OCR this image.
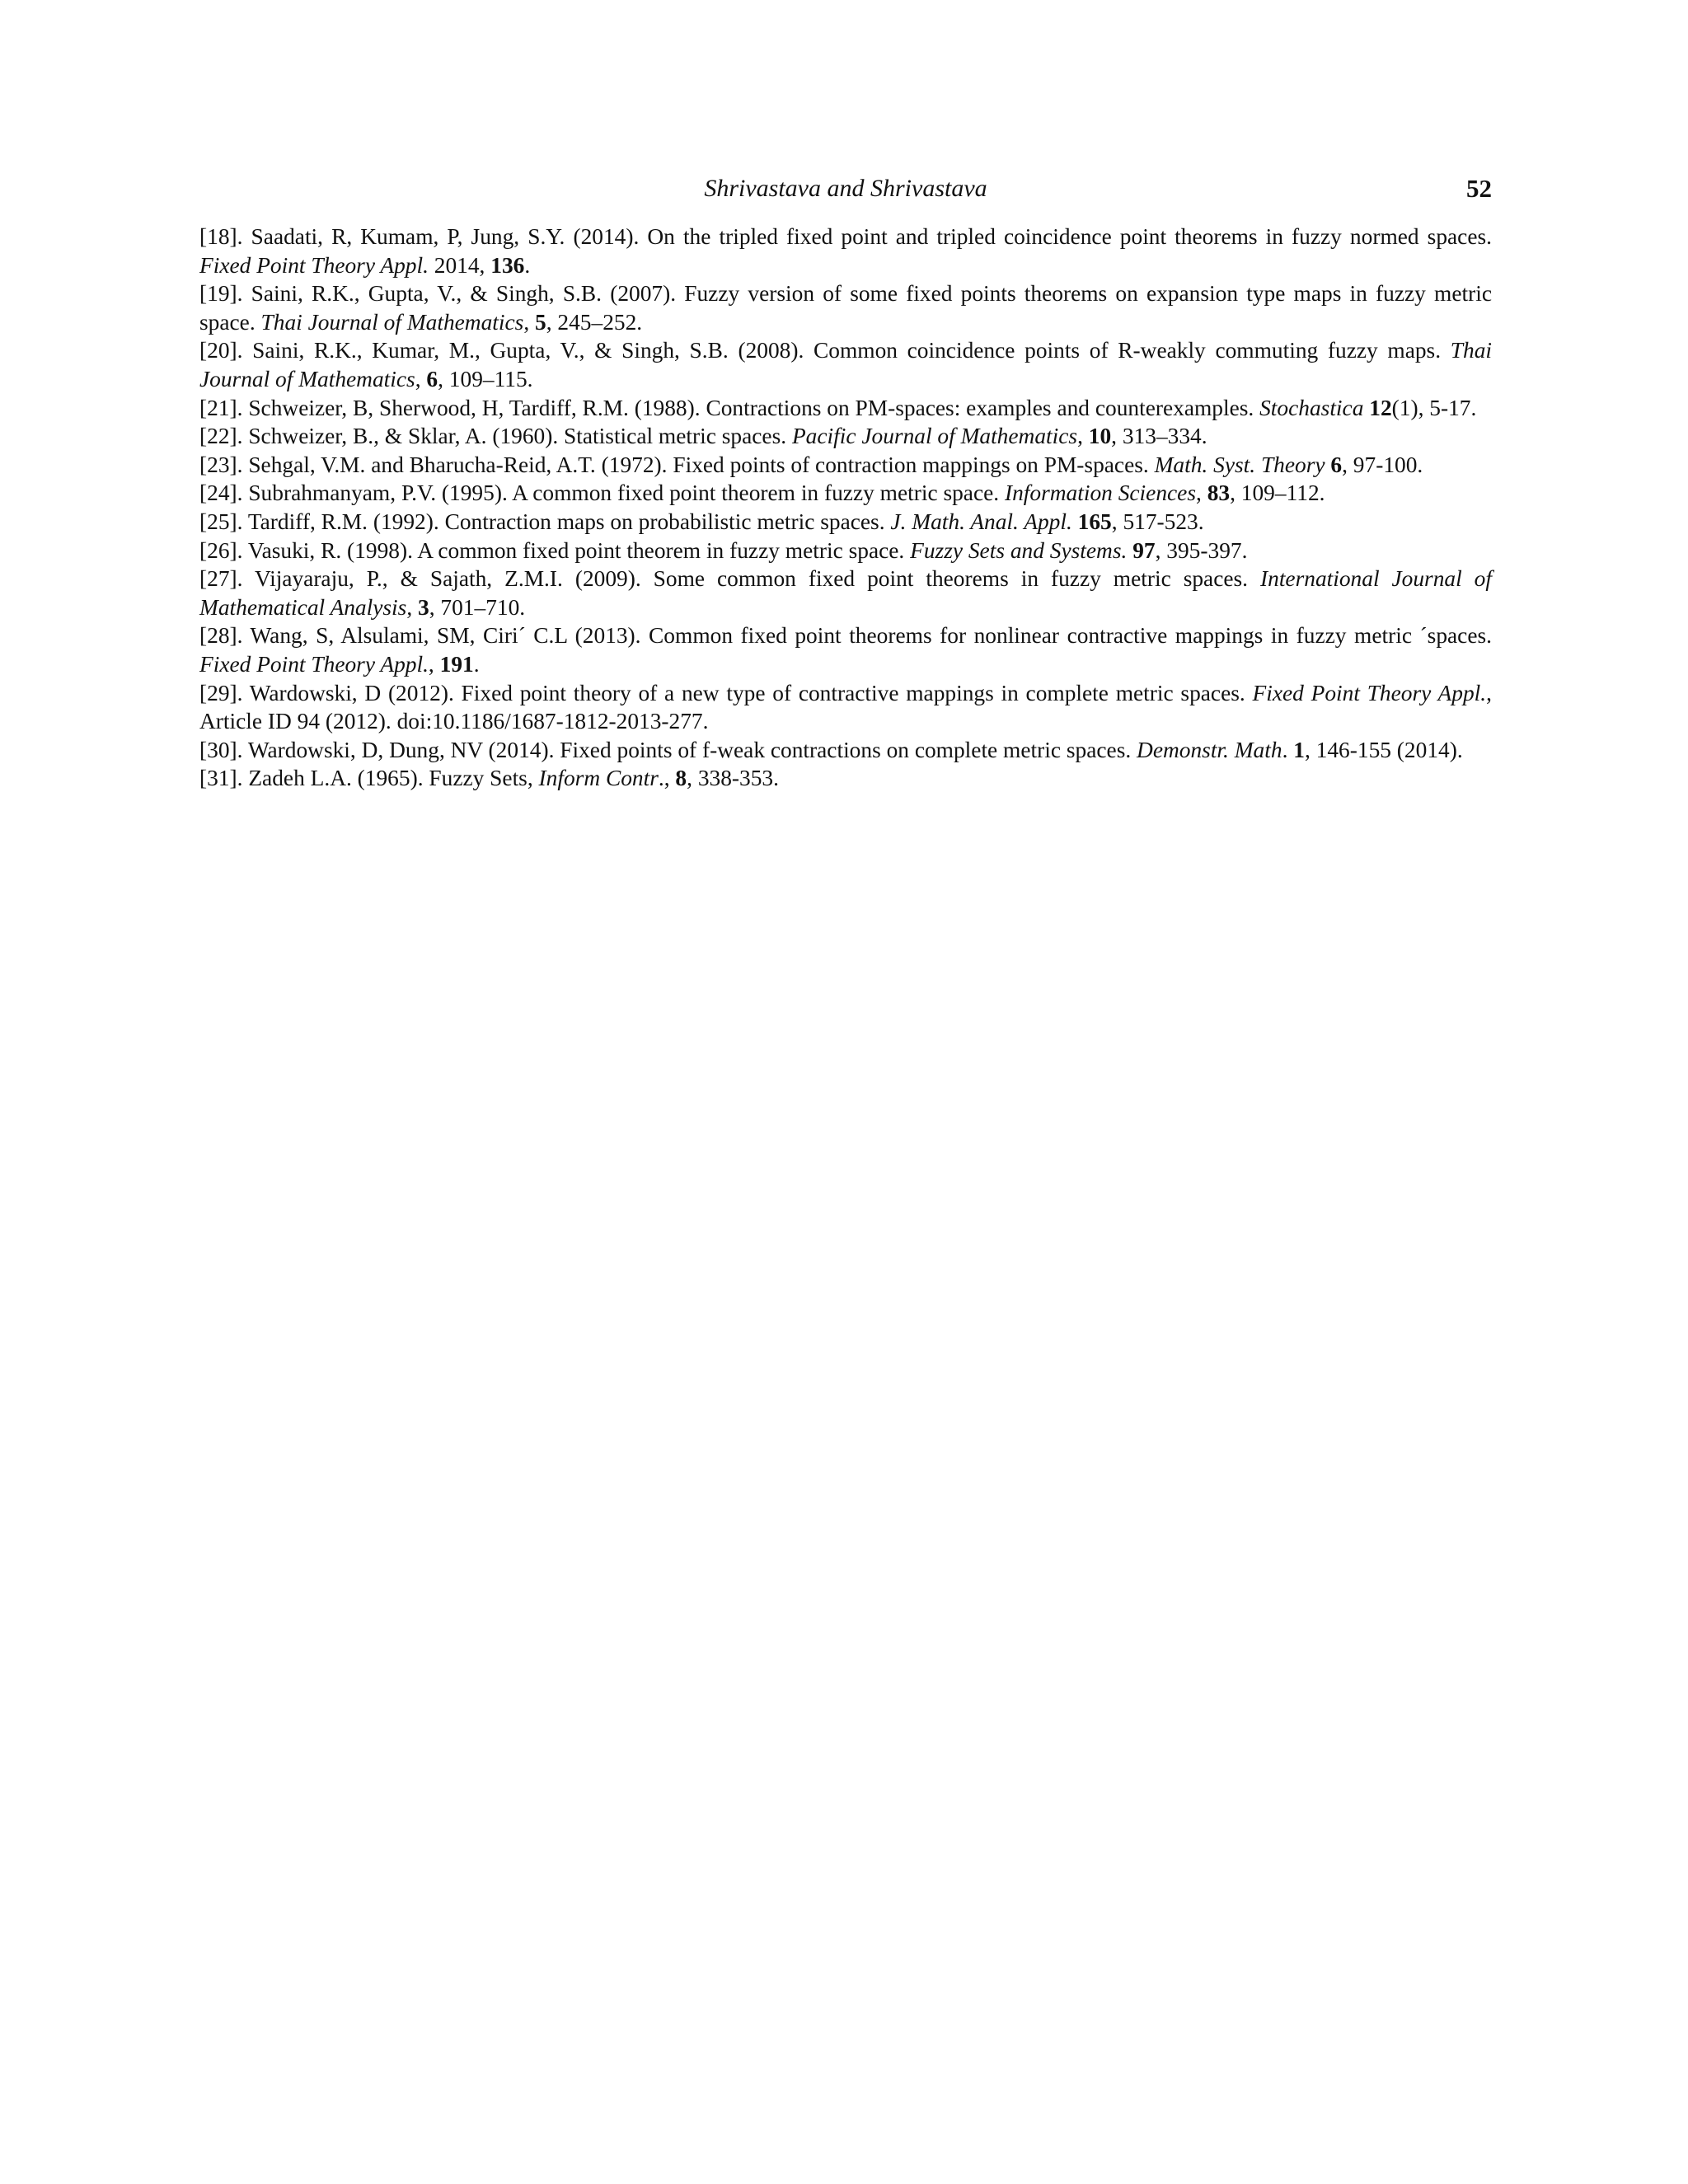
Shrivastava and Shrivastava	52

[18]. Saadati, R, Kumam, P, Jung, S.Y. (2014). On the tripled fixed point and tripled coincidence point theorems in fuzzy normed spaces. Fixed Point Theory Appl. 2014, 136.

[19]. Saini, R.K., Gupta, V., & Singh, S.B. (2007). Fuzzy version of some fixed points theorems on expansion type maps in fuzzy metric space. Thai Journal of Mathematics, 5, 245–252.

[20]. Saini, R.K., Kumar, M., Gupta, V., & Singh, S.B. (2008). Common coincidence points of R-weakly commuting fuzzy maps. Thai Journal of Mathematics, 6, 109–115.

[21]. Schweizer, B, Sherwood, H, Tardiff, R.M. (1988). Contractions on PM-spaces: examples and counterexamples. Stochastica 12(1), 5-17.

[22]. Schweizer, B., & Sklar, A. (1960). Statistical metric spaces. Pacific Journal of Mathematics, 10, 313–334.

[23]. Sehgal, V.M. and Bharucha-Reid, A.T. (1972). Fixed points of contraction mappings on PM-spaces. Math. Syst. Theory 6, 97-100.

[24]. Subrahmanyam, P.V. (1995). A common fixed point theorem in fuzzy metric space. Information Sciences, 83, 109–112.

[25]. Tardiff, R.M. (1992). Contraction maps on probabilistic metric spaces. J. Math. Anal. Appl. 165, 517-523.

[26]. Vasuki, R. (1998). A common fixed point theorem in fuzzy metric space. Fuzzy Sets and Systems. 97, 395-397.

[27]. Vijayaraju, P., & Sajath, Z.M.I. (2009). Some common fixed point theorems in fuzzy metric spaces. International Journal of Mathematical Analysis, 3, 701–710.

[28]. Wang, S, Alsulami, SM, Ciri´ C.L (2013). Common fixed point theorems for nonlinear contractive mappings in fuzzy metric ´spaces. Fixed Point Theory Appl., 191.

[29]. Wardowski, D (2012). Fixed point theory of a new type of contractive mappings in complete metric spaces. Fixed Point Theory Appl., Article ID 94 (2012). doi:10.1186/1687-1812-2013-277.

[30]. Wardowski, D, Dung, NV (2014). Fixed points of f-weak contractions on complete metric spaces. Demonstr. Math. 1, 146-155 (2014).

[31]. Zadeh L.A. (1965). Fuzzy Sets, Inform Contr., 8, 338-353.
